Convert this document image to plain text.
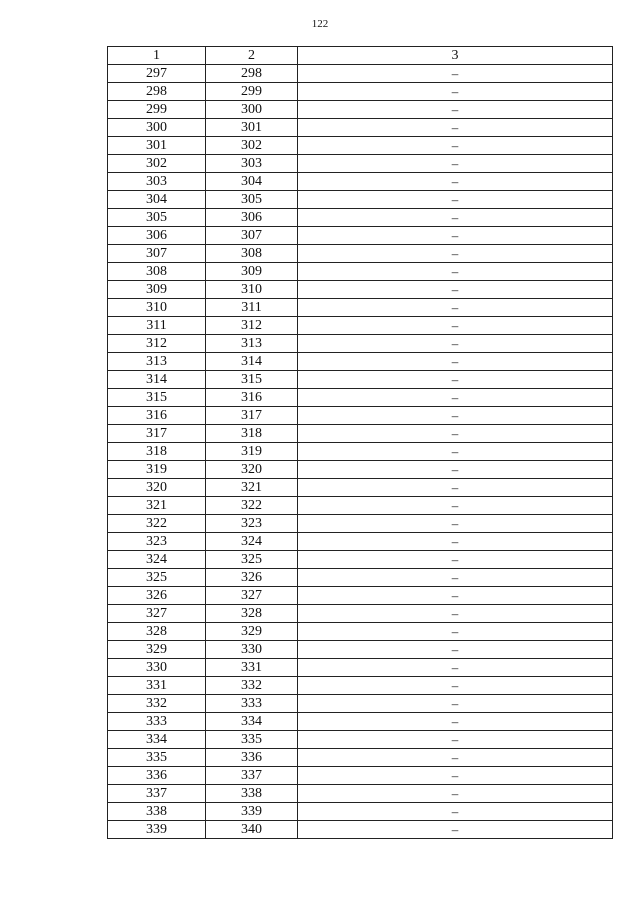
122
1	2	3
297	298	–
298	299	–
299	300	–
300	301	–
301	302	–
302	303	–
303	304	–
304	305	–
305	306	–
306	307	–
307	308	–
308	309	–
309	310	–
310	311	–
311	312	–
312	313	–
313	314	–
314	315	–
315	316	–
316	317	–
317	318	–
318	319	–
319	320	–
320	321	–
321	322	–
322	323	–
323	324	–
324	325	–
325	326	–
326	327	–
327	328	–
328	329	–
329	330	–
330	331	–
331	332	–
332	333	–
333	334	–
334	335	–
335	336	–
336	337	–
337	338	–
338	339	–
339	340	–
